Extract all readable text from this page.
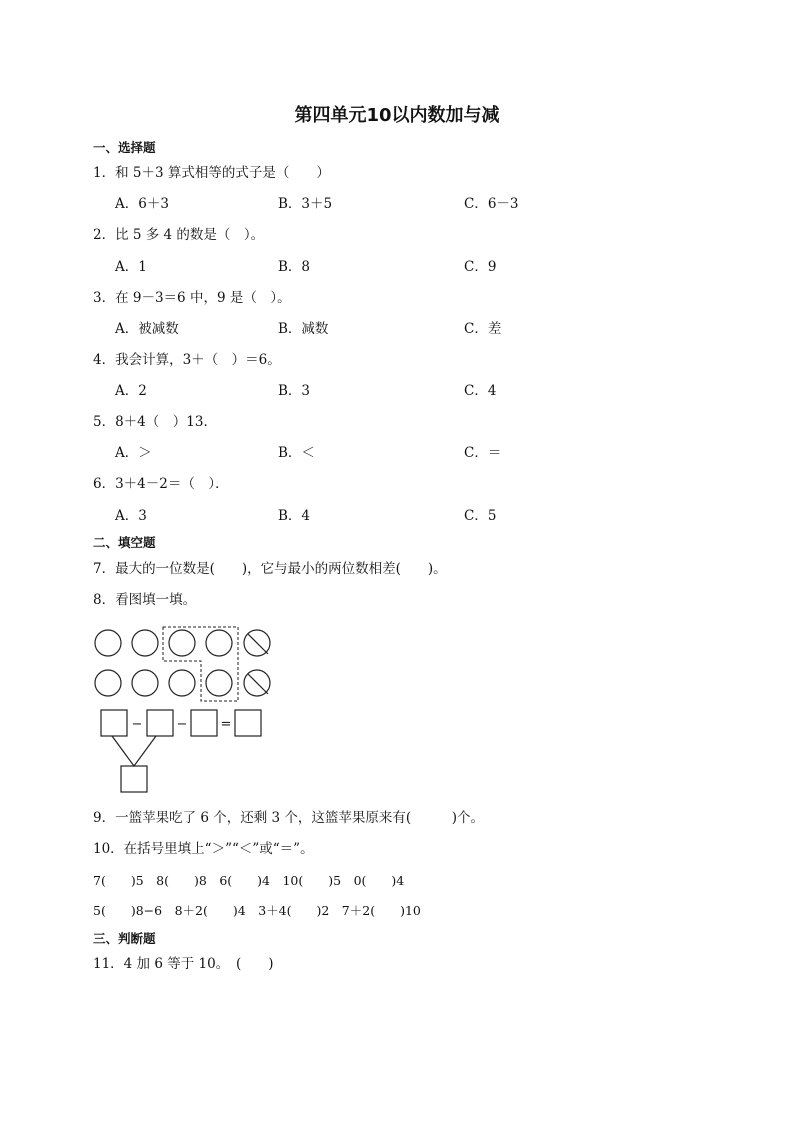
第四单元10以内数加与减
一、选择题
1．和 5＋3 算式相等的式子是（　　）
A．6＋3	B．3＋5	C．6－3
2．比 5 多 4 的数是（　）。
A．1	B．8	C．9
3．在 9－3＝6 中，9 是（　）。
A．被减数	B．减数	C．差
4．我会计算，3＋（　）＝6。
A．2	B．3	C．4
5．8＋4（　）13．
A．＞	B．＜	C．＝
6．3＋4－2＝（　）．
A．3	B．4	C．5
二、填空题
7．最大的一位数是(　　)，它与最小的两位数相差(　　)。
8．看图填一填。
−	−	=
9．一篮苹果吃了 6 个，还剩 3 个，这篮苹果原来有(　　　)个。
10．在括号里填上“＞”“＜”或“＝”。
7(　　)5　8(　　)8　6(　　)4　10(　　)5　0(　　)4
5(　　)8−6　8＋2(　　)4　3＋4(　　)2　7＋2(　　)10
三、判断题
11．4 加 6 等于 10。　(　　)
